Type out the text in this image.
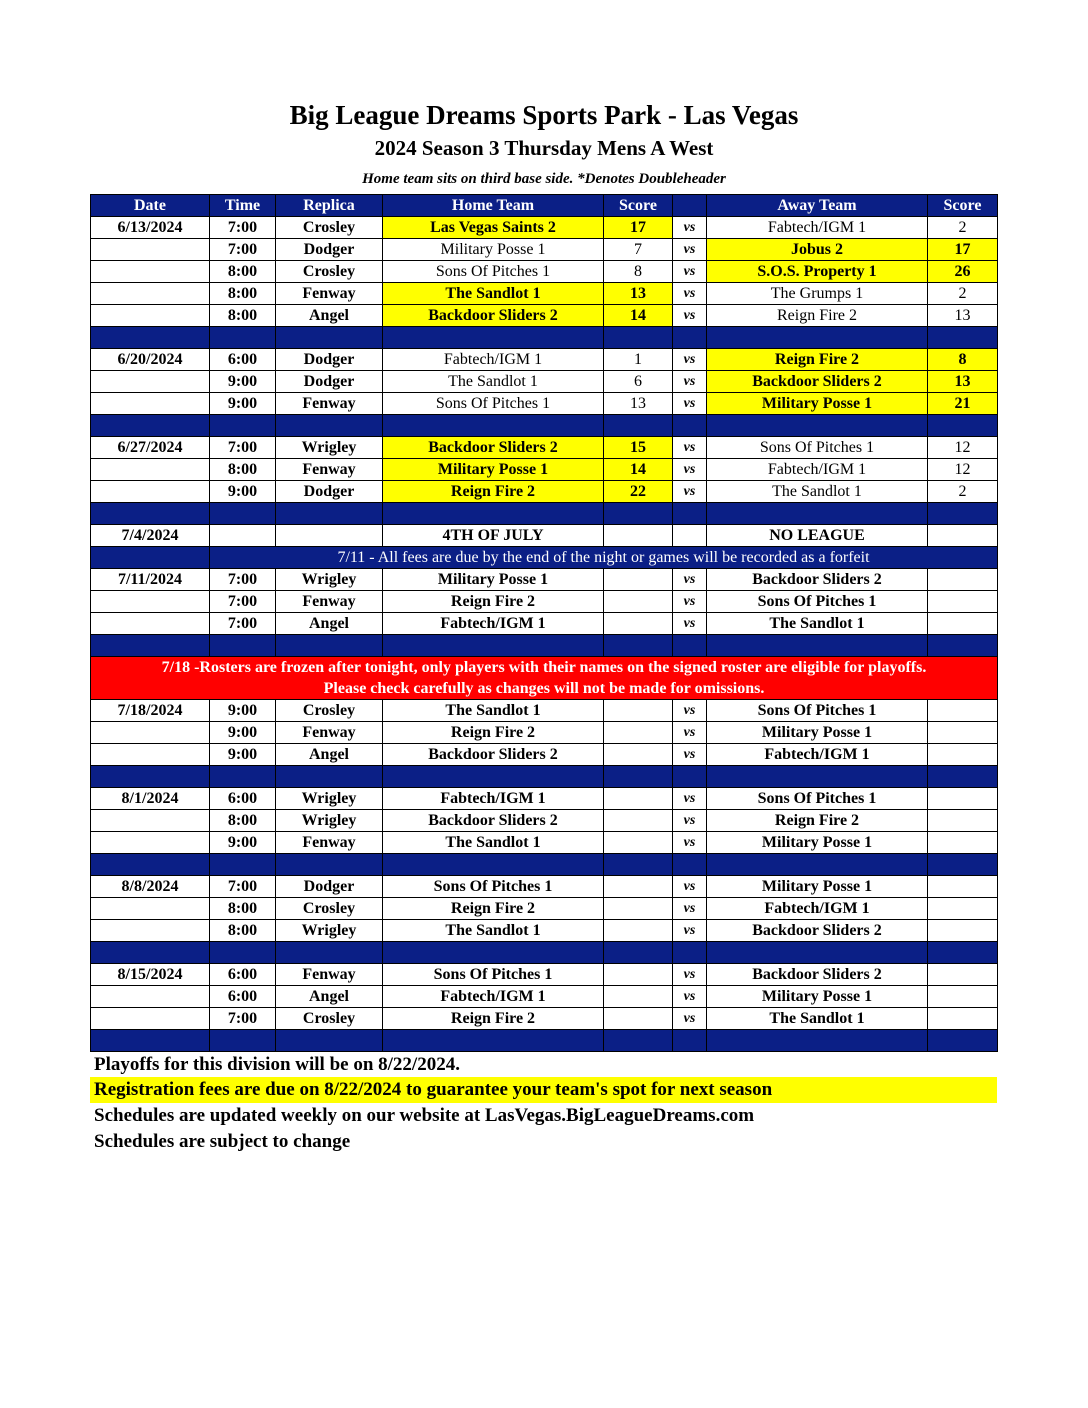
Big League Dreams Sports Park - Las Vegas
2024 Season 3 Thursday Mens A West
Home team sits on third base side. *Denotes Doubleheader
Date	Time	Replica	Home Team	Score		Away Team	Score
6/13/2024	7:00	Crosley	Las Vegas Saints 2	17	vs	Fabtech/IGM 1	2
	7:00	Dodger	Military Posse 1	7	vs	Jobus 2	17
	8:00	Crosley	Sons Of Pitches 1	8	vs	S.O.S. Property 1	26
	8:00	Fenway	The Sandlot 1	13	vs	The Grumps 1	2
	8:00	Angel	Backdoor Sliders 2	14	vs	Reign Fire 2	13

6/20/2024	6:00	Dodger	Fabtech/IGM 1	1	vs	Reign Fire 2	8
	9:00	Dodger	The Sandlot 1	6	vs	Backdoor Sliders 2	13
	9:00	Fenway	Sons Of Pitches 1	13	vs	Military Posse 1	21

6/27/2024	7:00	Wrigley	Backdoor Sliders 2	15	vs	Sons Of Pitches 1	12
	8:00	Fenway	Military Posse 1	14	vs	Fabtech/IGM 1	12
	9:00	Dodger	Reign Fire 2	22	vs	The Sandlot 1	2

7/4/2024			4TH OF JULY			NO LEAGUE	
	7/11 - All fees are due by the end of the night or games will be recorded as a forfeit						
7/11/2024	7:00	Wrigley	Military Posse 1		vs	Backdoor Sliders 2	
	7:00	Fenway	Reign Fire 2		vs	Sons Of Pitches 1	
	7:00	Angel	Fabtech/IGM 1		vs	The Sandlot 1	

7/18 -Rosters are frozen after tonight, only players with their names on the signed roster are eligible for playoffs.
Please check carefully as changes will not be made for omissions.							

7/18/2024	9:00	Crosley	The Sandlot 1		vs	Sons Of Pitches 1	
	9:00	Fenway	Reign Fire 2		vs	Military Posse 1	
	9:00	Angel	Backdoor Sliders 2		vs	Fabtech/IGM 1	

8/1/2024	6:00	Wrigley	Fabtech/IGM 1		vs	Sons Of Pitches 1	
	8:00	Wrigley	Backdoor Sliders 2		vs	Reign Fire 2	
	9:00	Fenway	The Sandlot 1		vs	Military Posse 1	

8/8/2024	7:00	Dodger	Sons Of Pitches 1		vs	Military Posse 1	
	8:00	Crosley	Reign Fire 2		vs	Fabtech/IGM 1	
	8:00	Wrigley	The Sandlot 1		vs	Backdoor Sliders 2	

8/15/2024	6:00	Fenway	Sons Of Pitches 1		vs	Backdoor Sliders 2	
	6:00	Angel	Fabtech/IGM 1		vs	Military Posse 1	
	7:00	Crosley	Reign Fire 2		vs	The Sandlot 1	

Playoffs for this division will be on 8/22/2024.
Registration fees are due on 8/22/2024 to guarantee your team's spot for next season
Schedules are updated weekly on our website at LasVegas.BigLeagueDreams.com
Schedules are subject to change
